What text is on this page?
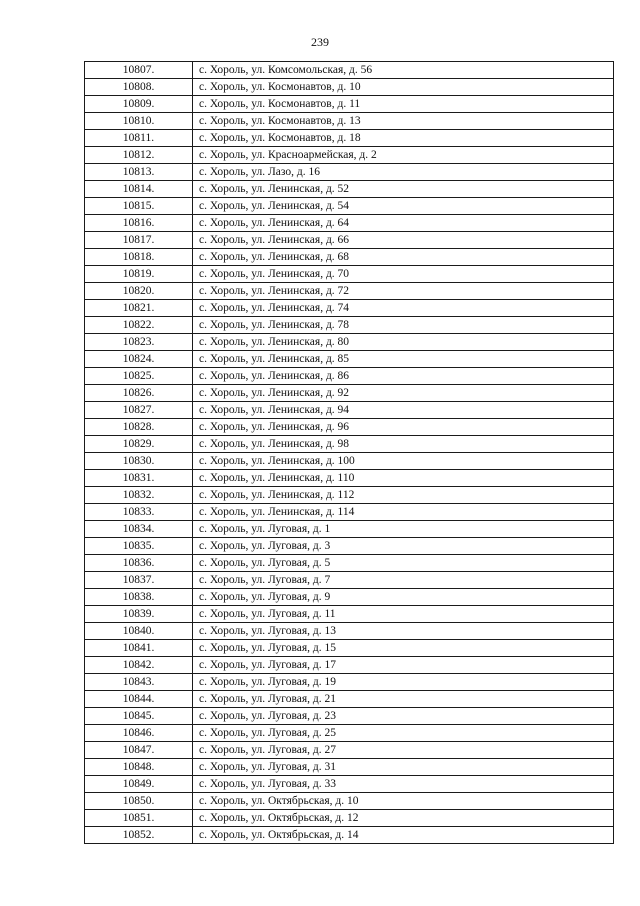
239
10807.	с. Хороль, ул. Комсомольская, д. 56
10808.	с. Хороль, ул. Космонавтов, д. 10
10809.	с. Хороль, ул. Космонавтов, д. 11
10810.	с. Хороль, ул. Космонавтов, д. 13
10811.	с. Хороль, ул. Космонавтов, д. 18
10812.	с. Хороль, ул. Красноармейская, д. 2
10813.	с. Хороль, ул. Лазо, д. 16
10814.	с. Хороль, ул. Ленинская, д. 52
10815.	с. Хороль, ул. Ленинская, д. 54
10816.	с. Хороль, ул. Ленинская, д. 64
10817.	с. Хороль, ул. Ленинская, д. 66
10818.	с. Хороль, ул. Ленинская, д. 68
10819.	с. Хороль, ул. Ленинская, д. 70
10820.	с. Хороль, ул. Ленинская, д. 72
10821.	с. Хороль, ул. Ленинская, д. 74
10822.	с. Хороль, ул. Ленинская, д. 78
10823.	с. Хороль, ул. Ленинская, д. 80
10824.	с. Хороль, ул. Ленинская, д. 85
10825.	с. Хороль, ул. Ленинская, д. 86
10826.	с. Хороль, ул. Ленинская, д. 92
10827.	с. Хороль, ул. Ленинская, д. 94
10828.	с. Хороль, ул. Ленинская, д. 96
10829.	с. Хороль, ул. Ленинская, д. 98
10830.	с. Хороль, ул. Ленинская, д. 100
10831.	с. Хороль, ул. Ленинская, д. 110
10832.	с. Хороль, ул. Ленинская, д. 112
10833.	с. Хороль, ул. Ленинская, д. 114
10834.	с. Хороль, ул. Луговая, д. 1
10835.	с. Хороль, ул. Луговая, д. 3
10836.	с. Хороль, ул. Луговая, д. 5
10837.	с. Хороль, ул. Луговая, д. 7
10838.	с. Хороль, ул. Луговая, д. 9
10839.	с. Хороль, ул. Луговая, д. 11
10840.	с. Хороль, ул. Луговая, д. 13
10841.	с. Хороль, ул. Луговая, д. 15
10842.	с. Хороль, ул. Луговая, д. 17
10843.	с. Хороль, ул. Луговая, д. 19
10844.	с. Хороль, ул. Луговая, д. 21
10845.	с. Хороль, ул. Луговая, д. 23
10846.	с. Хороль, ул. Луговая, д. 25
10847.	с. Хороль, ул. Луговая, д. 27
10848.	с. Хороль, ул. Луговая, д. 31
10849.	с. Хороль, ул. Луговая, д. 33
10850.	с. Хороль, ул. Октябрьская, д. 10
10851.	с. Хороль, ул. Октябрьская, д. 12
10852.	с. Хороль, ул. Октябрьская, д. 14
